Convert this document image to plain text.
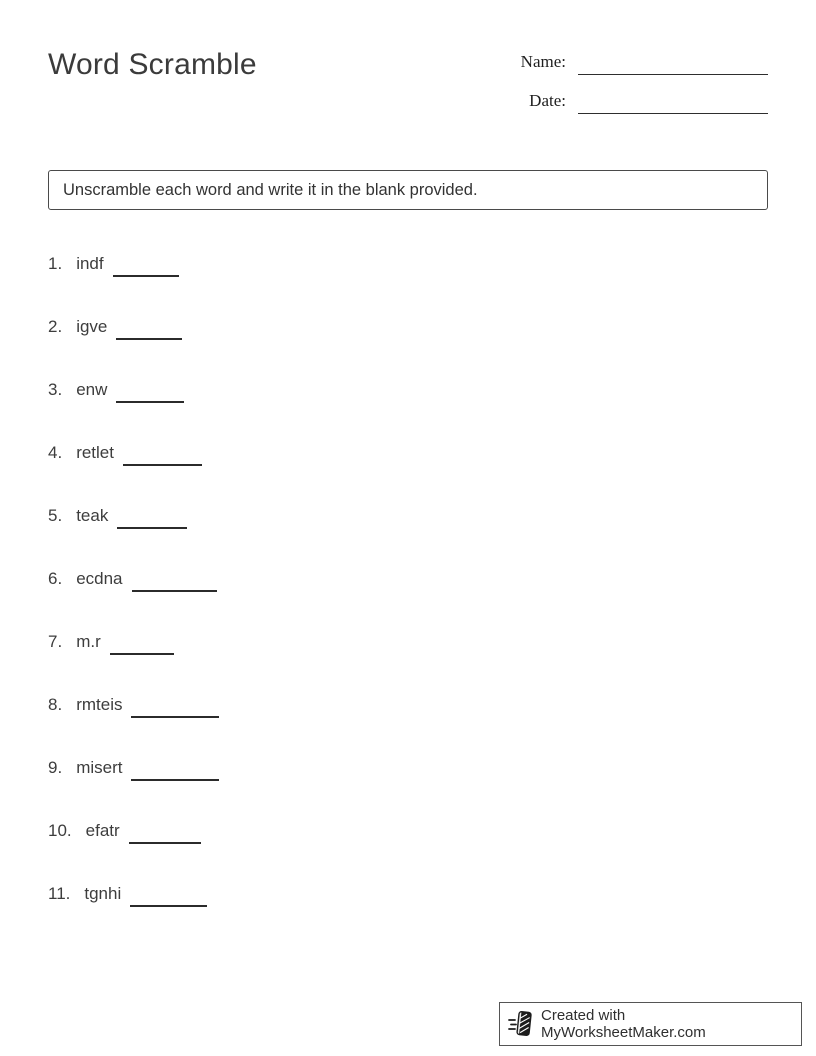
Word Scramble	Name:
Date:
Unscramble each word and write it in the blank provided.
1. indf
2. igve
3. enw
4. retlet
5. teak
6. ecdna
7. m.r
8. rmteis
9. misert
10. efatr
11. tgnhi
Created with MyWorksheetMaker.com
